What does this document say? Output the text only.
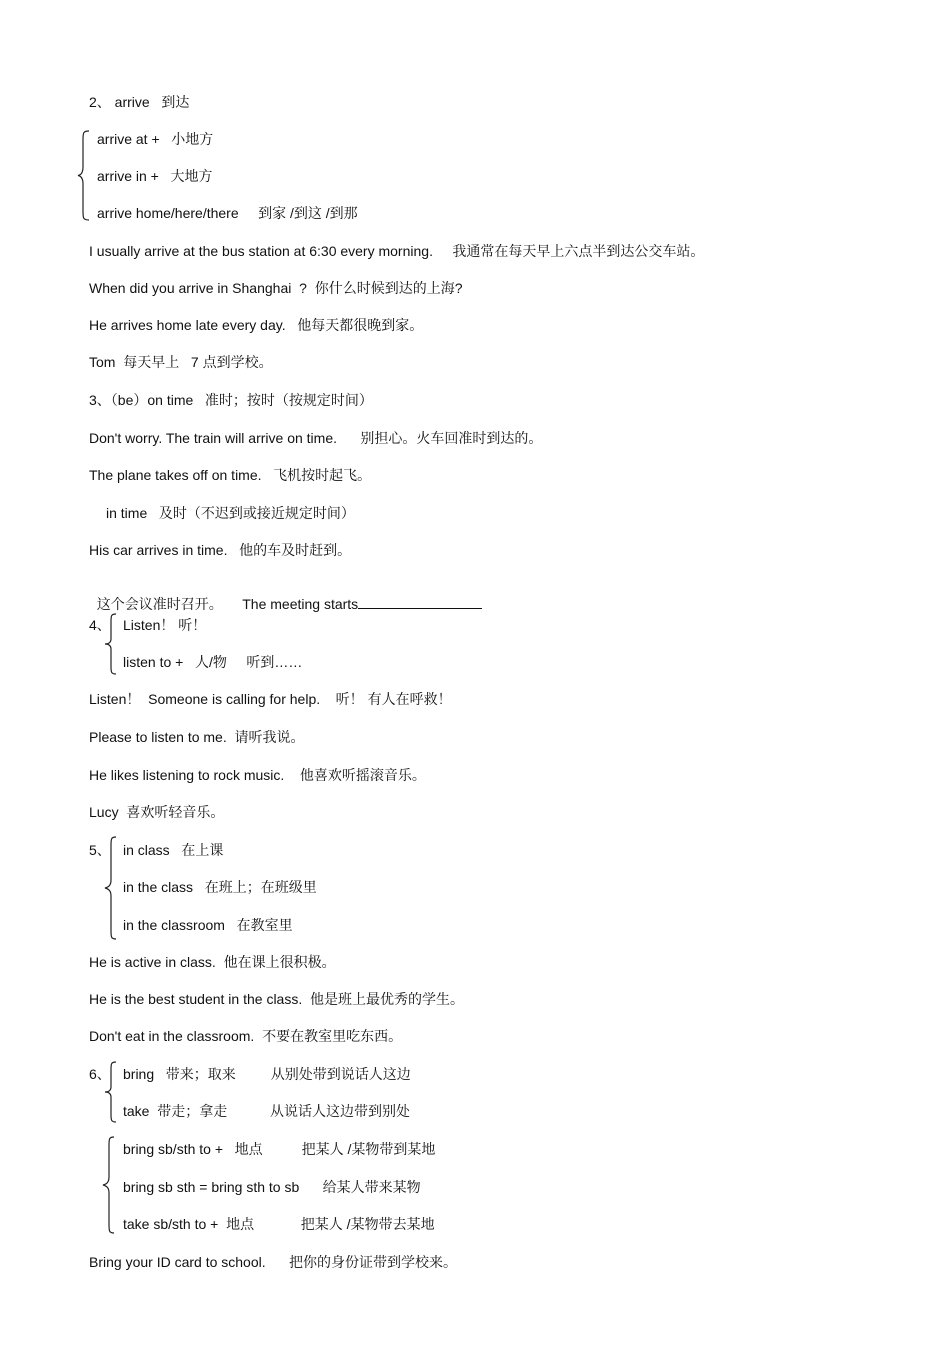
2、 arrive   到达
arrive at +   小地方
arrive in +   大地方
arrive home/here/there     到家 /到这 /到那
I usually arrive at the bus station at 6:30 every morning.     我通常在每天早上六点半到达公交车站。
When did you arrive in Shanghai  ?  你什么时候到达的上海?
He arrives home late every day.   他每天都很晚到家。
Tom  每天早上   7 点到学校。
3、（be）on time   准时；按时（按规定时间）
Don't worry. The train will arrive on time.      别担心。火车回准时到达的。
The plane takes off on time.   飞机按时起飞。
in time   及时（不迟到或接近规定时间）
His car arrives in time.   他的车及时赶到。

这个会议准时召开。     The meeting starts

4、 Listen！ 听！
listen to +   人/物     听到……
Listen！  Someone is calling for help.    听！ 有人在呼救！
Please to listen to me.  请听我说。
He likes listening to rock music.    他喜欢听摇滚音乐。
Lucy  喜欢听轻音乐。
5、 in class   在上课
in the class   在班上；在班级里
in the classroom   在教室里
He is active in class.  他在课上很积极。
He is the best student in the class.  他是班上最优秀的学生。
Don't eat in the classroom.  不要在教室里吃东西。
6、 bring   带来；取来         从别处带到说话人这边
take  带走；拿走           从说话人这边带到别处
bring sb/sth to +   地点          把某人 /某物带到某地
bring sb sth = bring sth to sb      给某人带来某物
take sb/sth to +  地点            把某人 /某物带去某地
Bring your ID card to school.      把你的身份证带到学校来。
